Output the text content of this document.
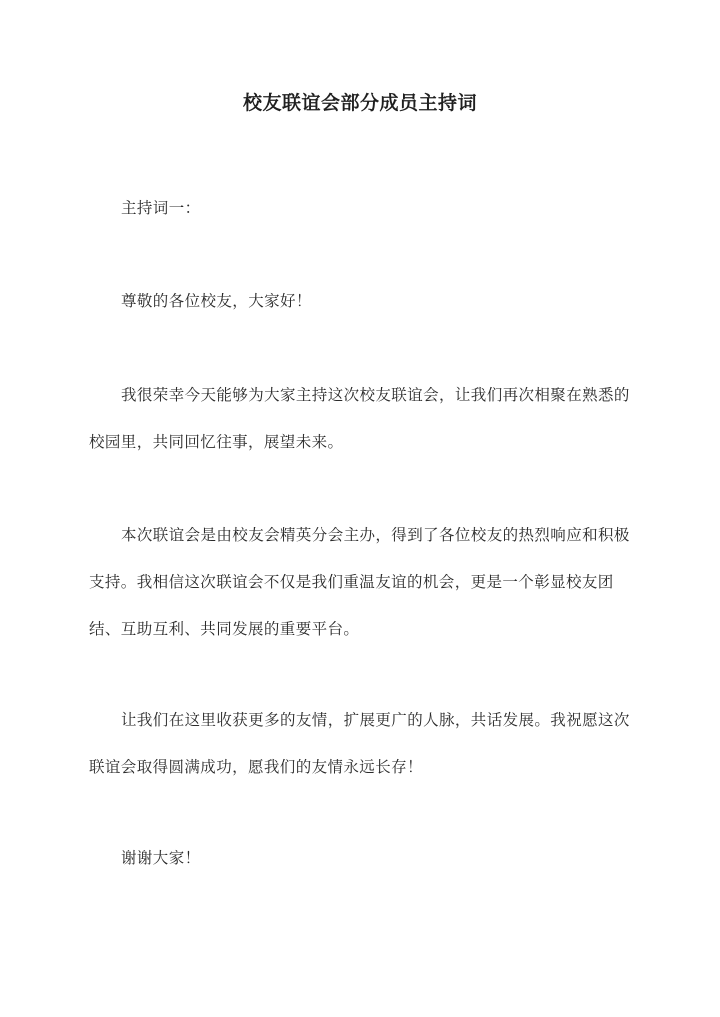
校友联谊会部分成员主持词

主持词一：

尊敬的各位校友，大家好！

我很荣幸今天能够为大家主持这次校友联谊会，让我们再次相聚在熟悉的校园里，共同回忆往事，展望未来。

本次联谊会是由校友会精英分会主办，得到了各位校友的热烈响应和积极支持。我相信这次联谊会不仅是我们重温友谊的机会，更是一个彰显校友团结、互助互利、共同发展的重要平台。

让我们在这里收获更多的友情，扩展更广的人脉，共话发展。我祝愿这次联谊会取得圆满成功，愿我们的友情永远长存！

谢谢大家！
